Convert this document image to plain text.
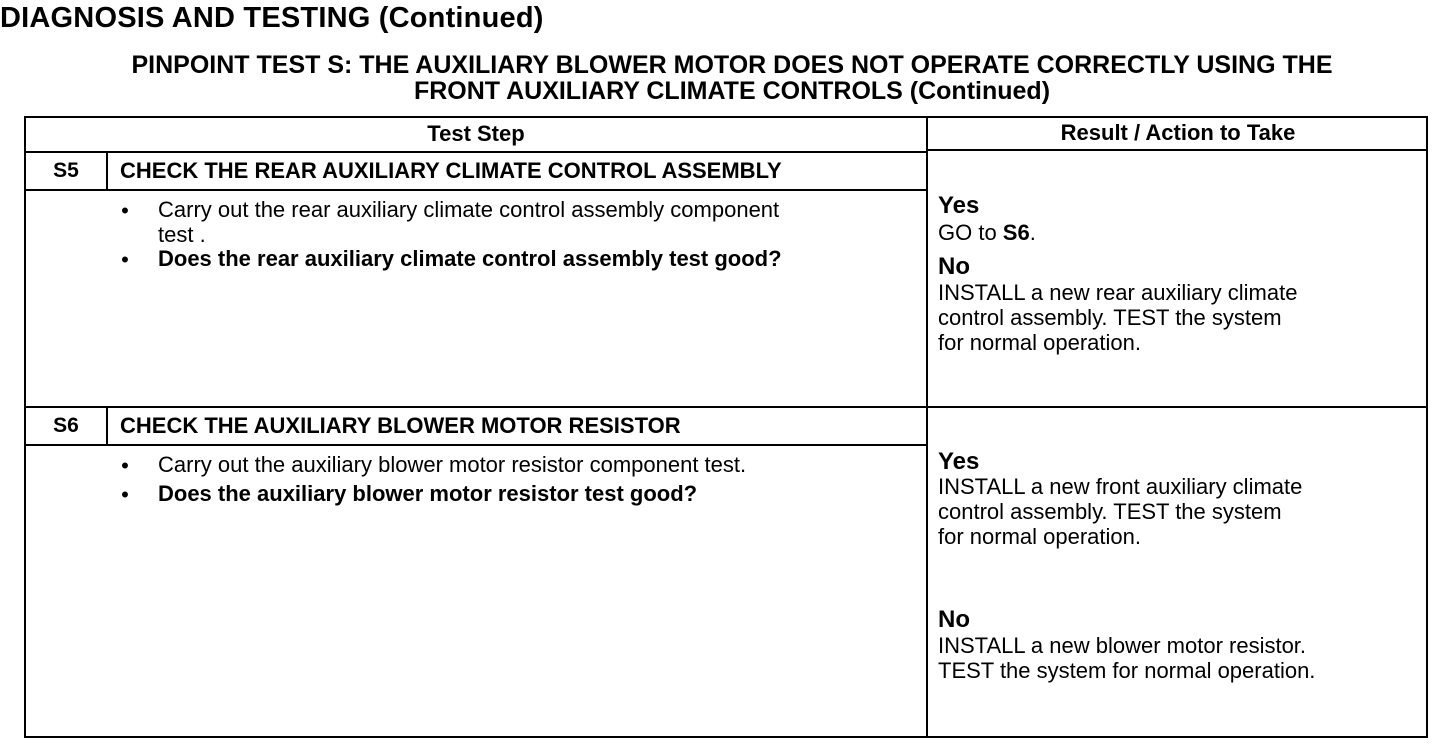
DIAGNOSIS AND TESTING (Continued)
PINPOINT TEST S: THE AUXILIARY BLOWER MOTOR DOES NOT OPERATE CORRECTLY USING THE
FRONT AUXILIARY CLIMATE CONTROLS (Continued)
Test Step	Result / Action to Take
S5	CHECK THE REAR AUXILIARY CLIMATE CONTROL ASSEMBLY
• Carry out the rear auxiliary climate control assembly component
test .
• Does the rear auxiliary climate control assembly test good?
Yes
GO to S6.
No
INSTALL a new rear auxiliary climate
control assembly. TEST the system
for normal operation.
S6	CHECK THE AUXILIARY BLOWER MOTOR RESISTOR
• Carry out the auxiliary blower motor resistor component test.
• Does the auxiliary blower motor resistor test good?
Yes
INSTALL a new front auxiliary climate
control assembly. TEST the system
for normal operation.
No
INSTALL a new blower motor resistor.
TEST the system for normal operation.
